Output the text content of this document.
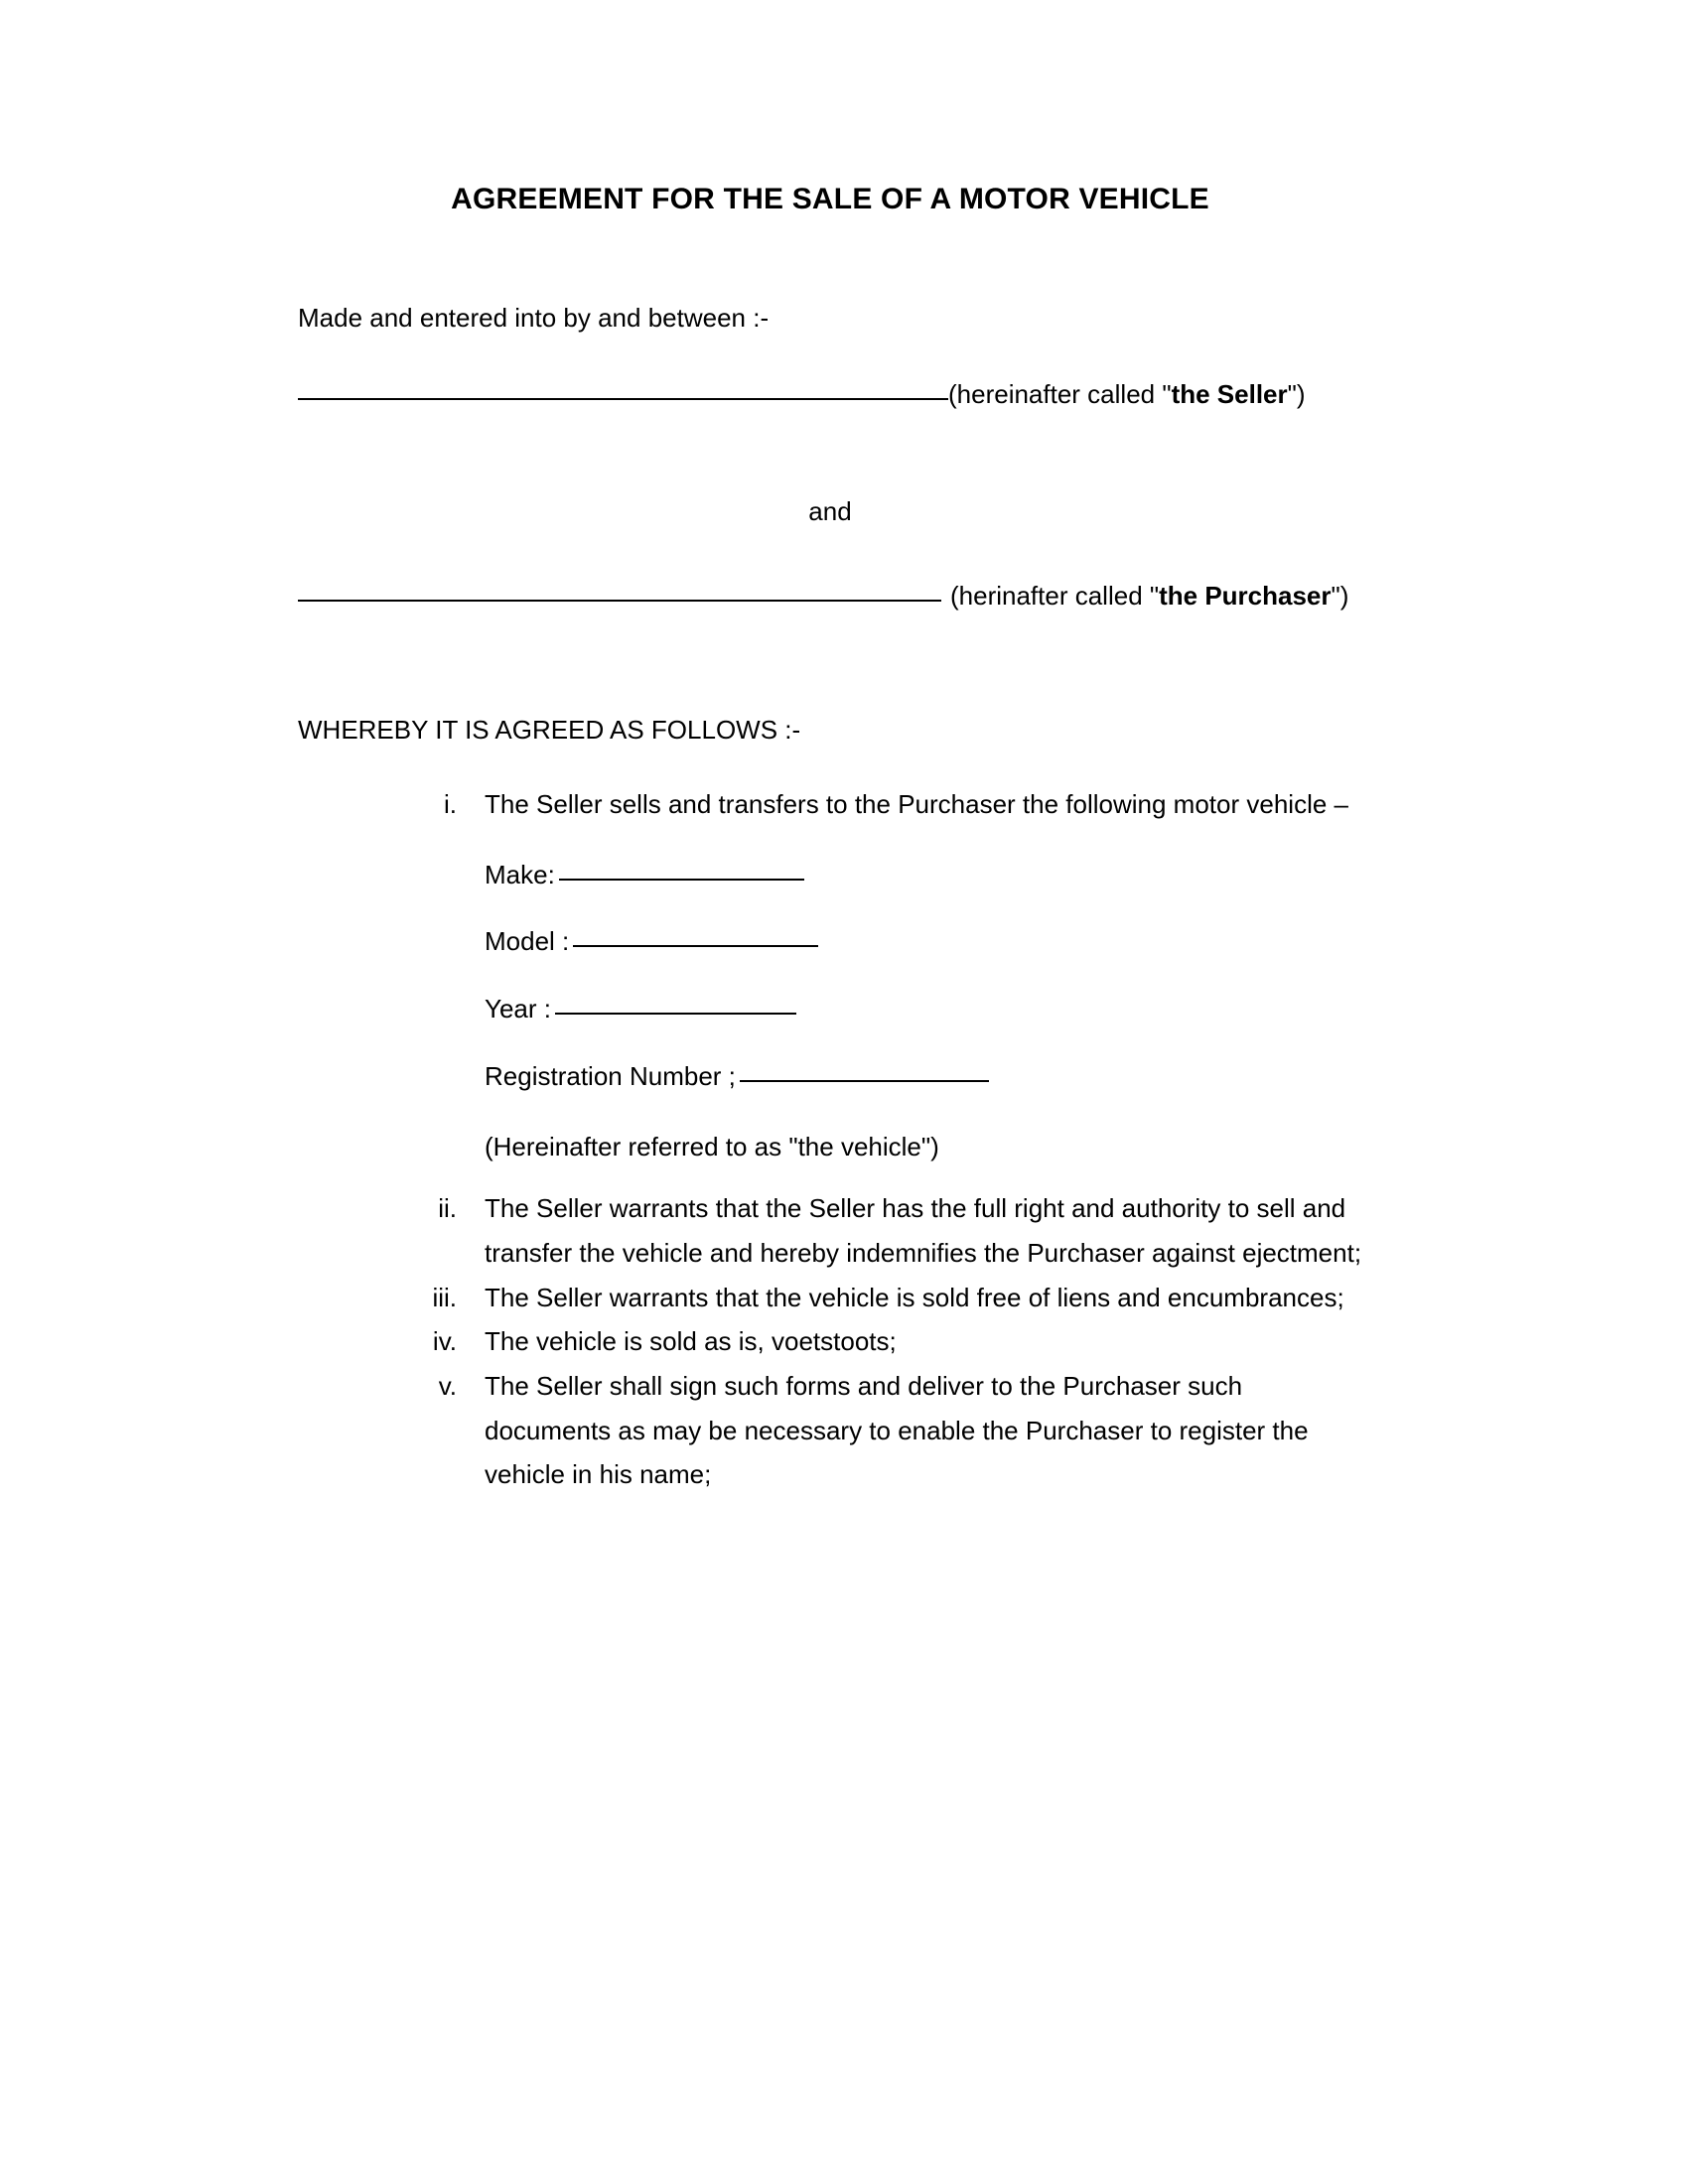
AGREEMENT FOR THE SALE OF A MOTOR VEHICLE

Made and entered into by and between :-

(hereinafter called "the Seller")

and

(herinafter called "the Purchaser")

WHEREBY IT IS AGREED AS FOLLOWS :-

i. The Seller sells and transfers to the Purchaser the following motor vehicle –
Make:
Model :
Year :
Registration Number ;
(Hereinafter referred to as "the vehicle")
ii. The Seller warrants that the Seller has the full right and authority to sell and transfer the vehicle and hereby indemnifies the Purchaser against ejectment;
iii. The Seller warrants that the vehicle is sold free of liens and encumbrances;
iv. The vehicle is sold as is, voetstoots;
v. The Seller shall sign such forms and deliver to the Purchaser such documents as may be necessary to enable the Purchaser to register the vehicle in his name;
